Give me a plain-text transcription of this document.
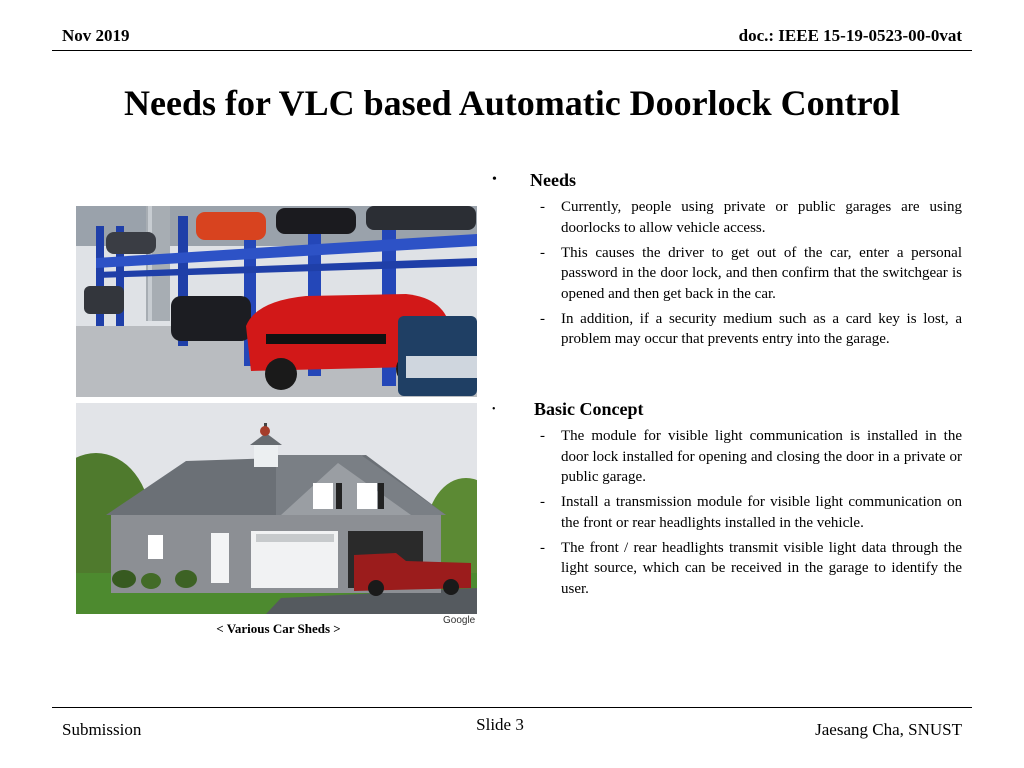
Nov 2019	doc.: IEEE 15-19-0523-00-0vat
Needs for VLC based Automatic Doorlock Control
< Various Car Sheds >
Google
• Needs
-	Currently, people using private or public garages are using doorlocks to allow vehicle access.
-	This causes the driver to get out of the car, enter a personal password in the door lock, and then confirm that the switchgear is opened and then get back in the car.
-	In addition, if a security medium such as a card key is lost, a problem may occur that prevents entry into the garage.
• Basic Concept
-	The module for visible light communication is installed in the door lock installed for opening and closing the door in a private or public garage.
-	Install a transmission module for visible light communication on the front or rear headlights installed in the vehicle.
-	The front / rear headlights transmit visible light data through the light source, which can be received in the garage to identify the user.
Submission	Slide 3	Jaesang Cha, SNUST
